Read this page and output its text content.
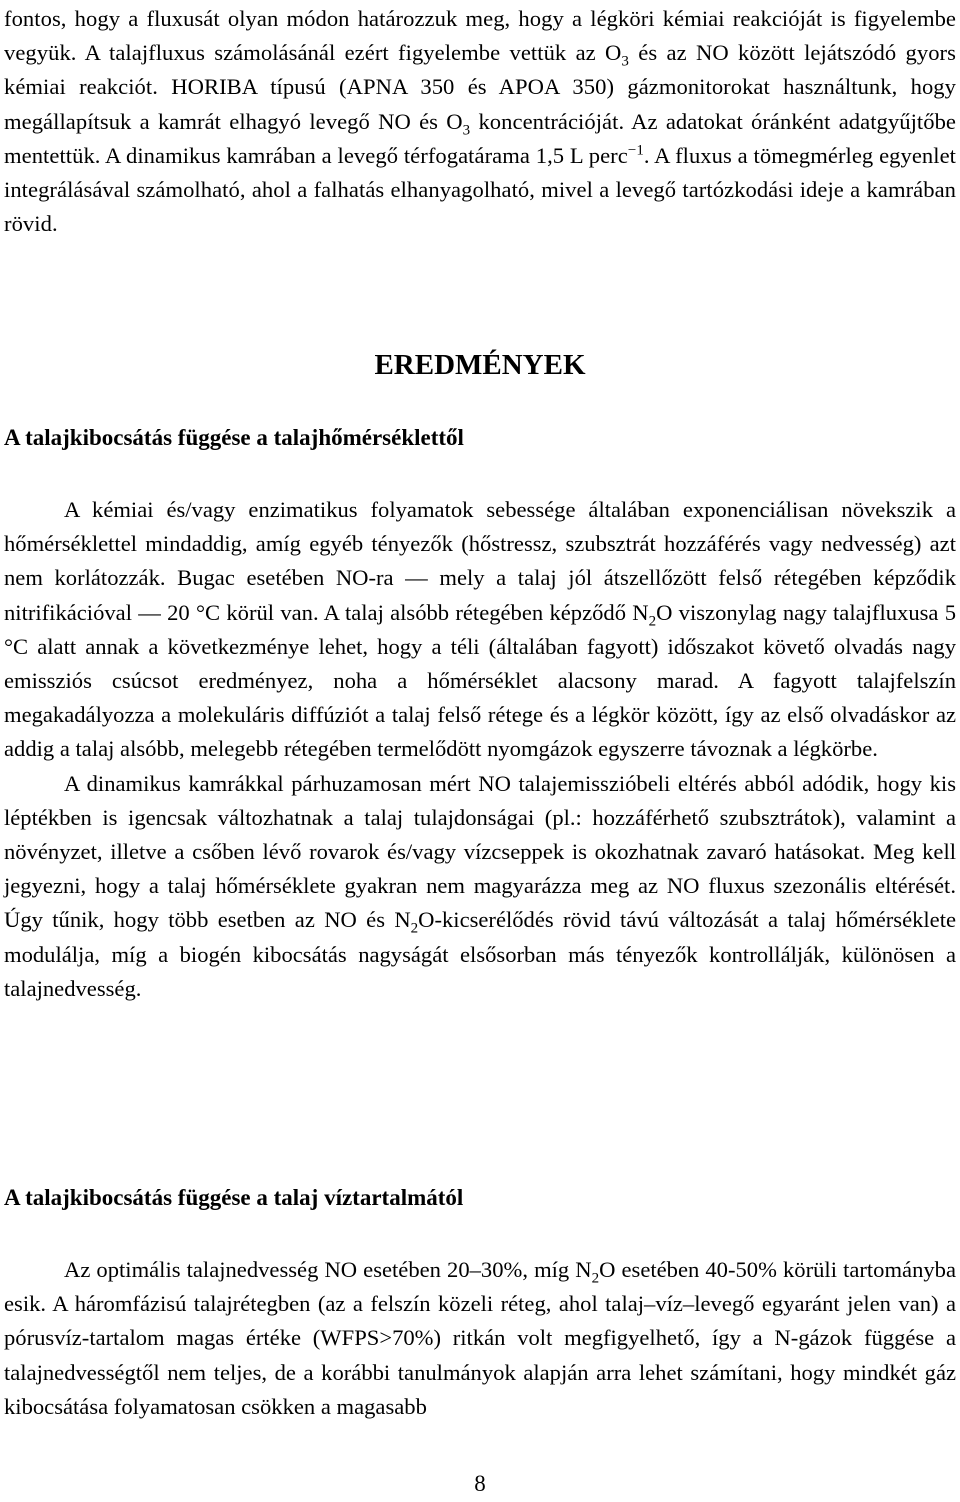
fontos, hogy a fluxusát olyan módon határozzuk meg, hogy a légköri kémiai reakcióját is figyelembe vegyük. A talajfluxus számolásánál ezért figyelembe vettük az $O_3$ és az NO között lejátszódó gyors kémiai reakciót. HORIBA típusú (APNA 350 és APOA 350) gázmonitorokat használtunk, hogy megállapítsuk a kamrát elhagyó levegő NO és $O_3$ koncentrációját. Az adatokat óránként adatgyűjtőbe mentettük. A dinamikus kamrában a levegő térfogatárama 1,5 L perc$^{-1}$. A fluxus a tömegmérleg egyenlet integrálásával számolható, ahol a falhatás elhanyagolható, mivel a levegő tartózkodási ideje a kamrában rövid.

EREDMÉNYEK
A talajkibocsátás függése a talajhőmérséklettől

A kémiai és/vagy enzimatikus folyamatok sebessége általában exponenciálisan növekszik a hőmérséklettel mindaddig, amíg egyéb tényezők (hőstressz, szubsztrát hozzáférés vagy nedvesség) azt nem korlátozzák. Bugac esetében NO-ra — mely a talaj jól átszellőzött felső rétegében képződik nitrifikációval — 20 °C körül van. A talaj alsóbb rétegében képződő $N_2O$ viszonylag nagy talajfluxusa 5 °C alatt annak a következménye lehet, hogy a téli (általában fagyott) időszakot követő olvadás nagy emissziós csúcsot eredményez, noha a hőmérséklet alacsony marad. A fagyott talajfelszín megakadályozza a molekuláris diffúziót a talaj felső rétege és a légkör között, így az első olvadáskor az addig a talaj alsóbb, melegebb rétegében termelődött nyomgázok egyszerre távoznak a légkörbe.

A dinamikus kamrákkal párhuzamosan mért NO talajemisszióbeli eltérés abból adódik, hogy kis léptékben is igencsak változhatnak a talaj tulajdonságai (pl.: hozzáférhető szubsztrátok), valamint a növényzet, illetve a csőben lévő rovarok és/vagy vízcseppek is okozhatnak zavaró hatásokat. Meg kell jegyezni, hogy a talaj hőmérséklete gyakran nem magyarázza meg az NO fluxus szezonális eltérését. Úgy tűnik, hogy több esetben az NO és $N_2O$-kicserélődés rövid távú változását a talaj hőmérséklete modulálja, míg a biogén kibocsátás nagyságát elsősorban más tényezők kontrollálják, különösen a talajnedvesség.

A talajkibocsátás függése a talaj víztartalmától

Az optimális talajnedvesség NO esetében 20–30%, míg $N_2O$ esetében 40-50% körüli tartományba esik. A háromfázisú talajrétegben (az a felszín közeli réteg, ahol talaj–víz–levegő egyaránt jelen van) a pórusvíz-tartalom magas értéke (WFPS>70%) ritkán volt megfigyelhető, így a N-gázok függése a talajnedvességtől nem teljes, de a korábbi tanulmányok alapján arra lehet számítani, hogy mindkét gáz kibocsátása folyamatosan csökken a magasabb

8
